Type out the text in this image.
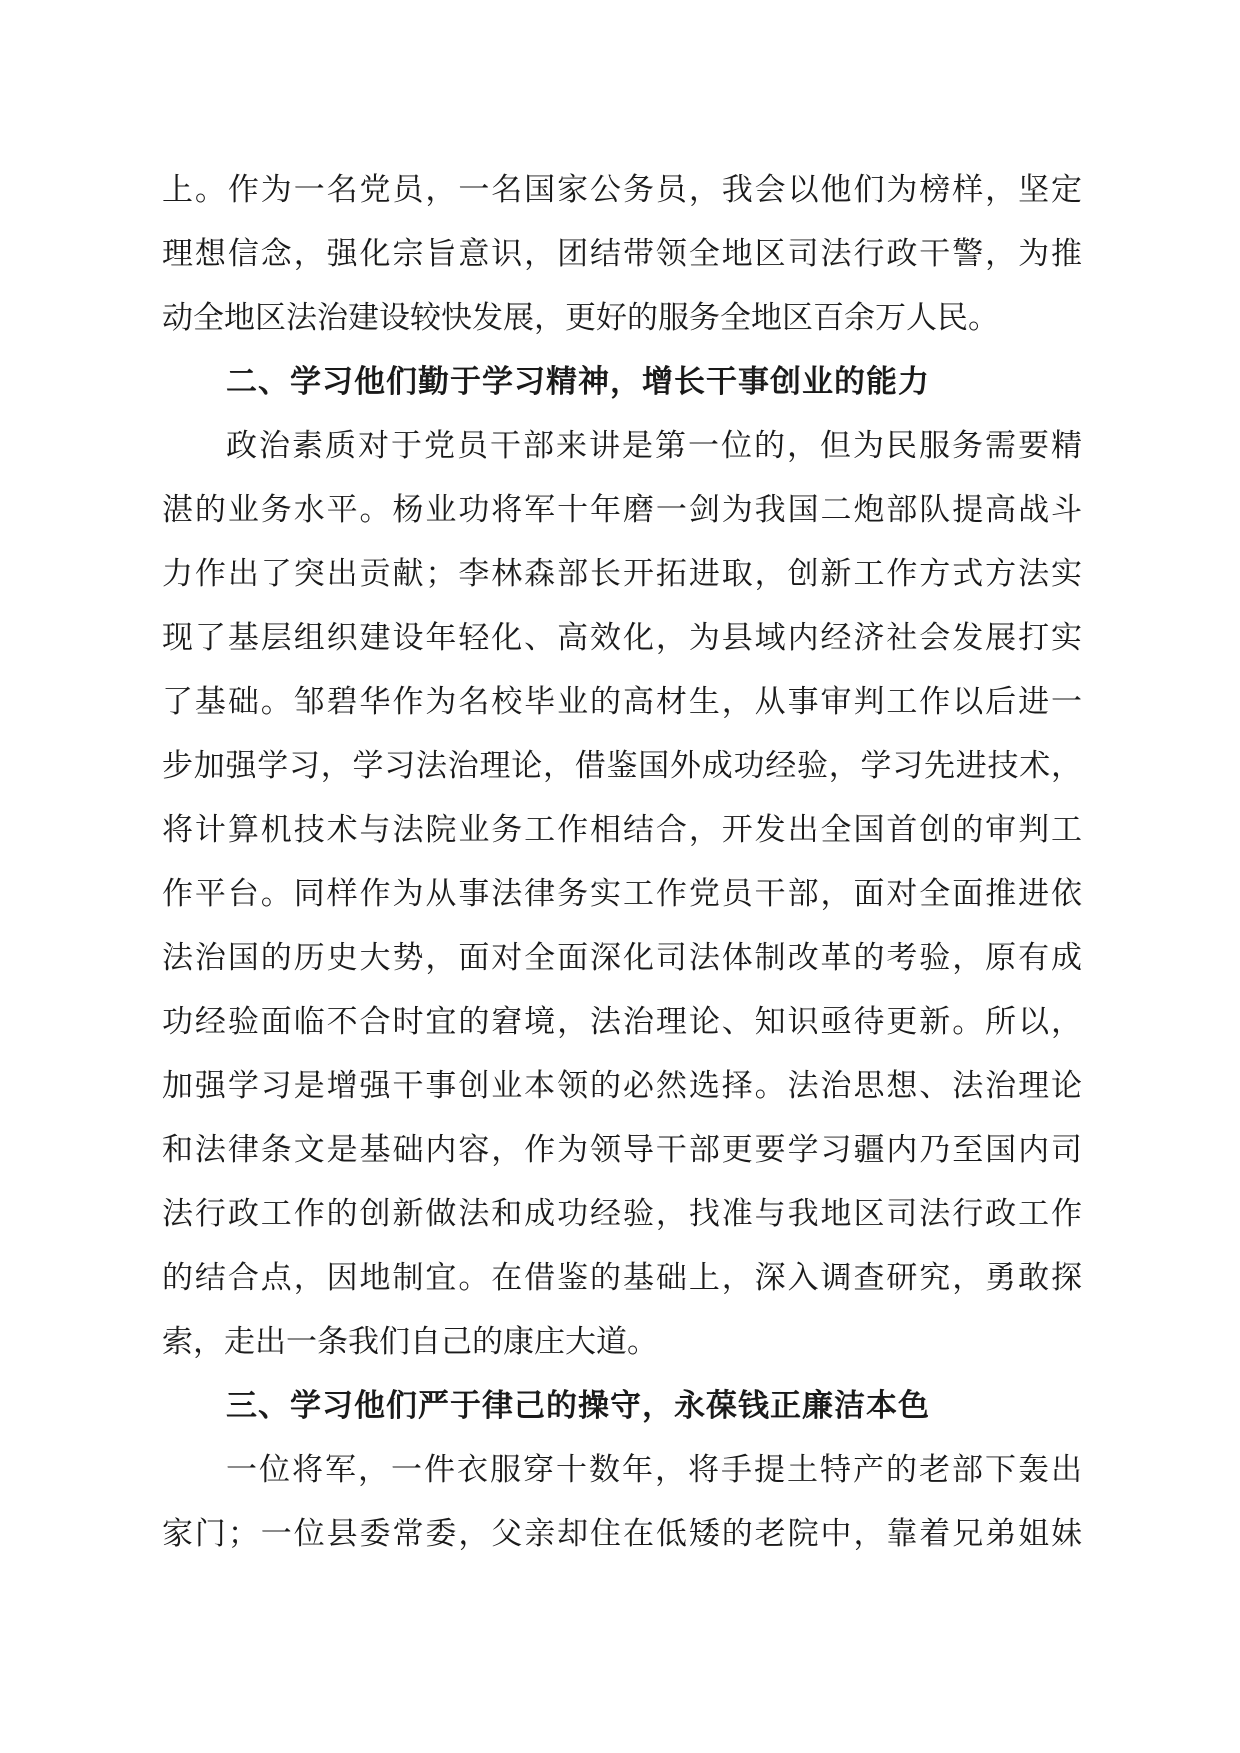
上。作为一名党员，一名国家公务员，我会以他们为榜样，坚定
理想信念，强化宗旨意识，团结带领全地区司法行政干警，为推
动全地区法治建设较快发展，更好的服务全地区百余万人民。
二、学习他们勤于学习精神，增长干事创业的能力
政治素质对于党员干部来讲是第一位的，但为民服务需要精
湛的业务水平。杨业功将军十年磨一剑为我国二炮部队提高战斗
力作出了突出贡献；李林森部长开拓进取，创新工作方式方法实
现了基层组织建设年轻化、高效化，为县域内经济社会发展打实
了基础。邹碧华作为名校毕业的高材生，从事审判工作以后进一
步加强学习，学习法治理论，借鉴国外成功经验，学习先进技术，
将计算机技术与法院业务工作相结合，开发出全国首创的审判工
作平台。同样作为从事法律务实工作党员干部，面对全面推进依
法治国的历史大势，面对全面深化司法体制改革的考验，原有成
功经验面临不合时宜的窘境，法治理论、知识亟待更新。所以，
加强学习是增强干事创业本领的必然选择。法治思想、法治理论
和法律条文是基础内容，作为领导干部更要学习疆内乃至国内司
法行政工作的创新做法和成功经验，找准与我地区司法行政工作
的结合点，因地制宜。在借鉴的基础上，深入调查研究，勇敢探
索，走出一条我们自己的康庄大道。
三、学习他们严于律己的操守，永葆钱正廉洁本色
一位将军，一件衣服穿十数年，将手提土特产的老部下轰出
家门；一位县委常委，父亲却住在低矮的老院中，靠着兄弟姐妹
